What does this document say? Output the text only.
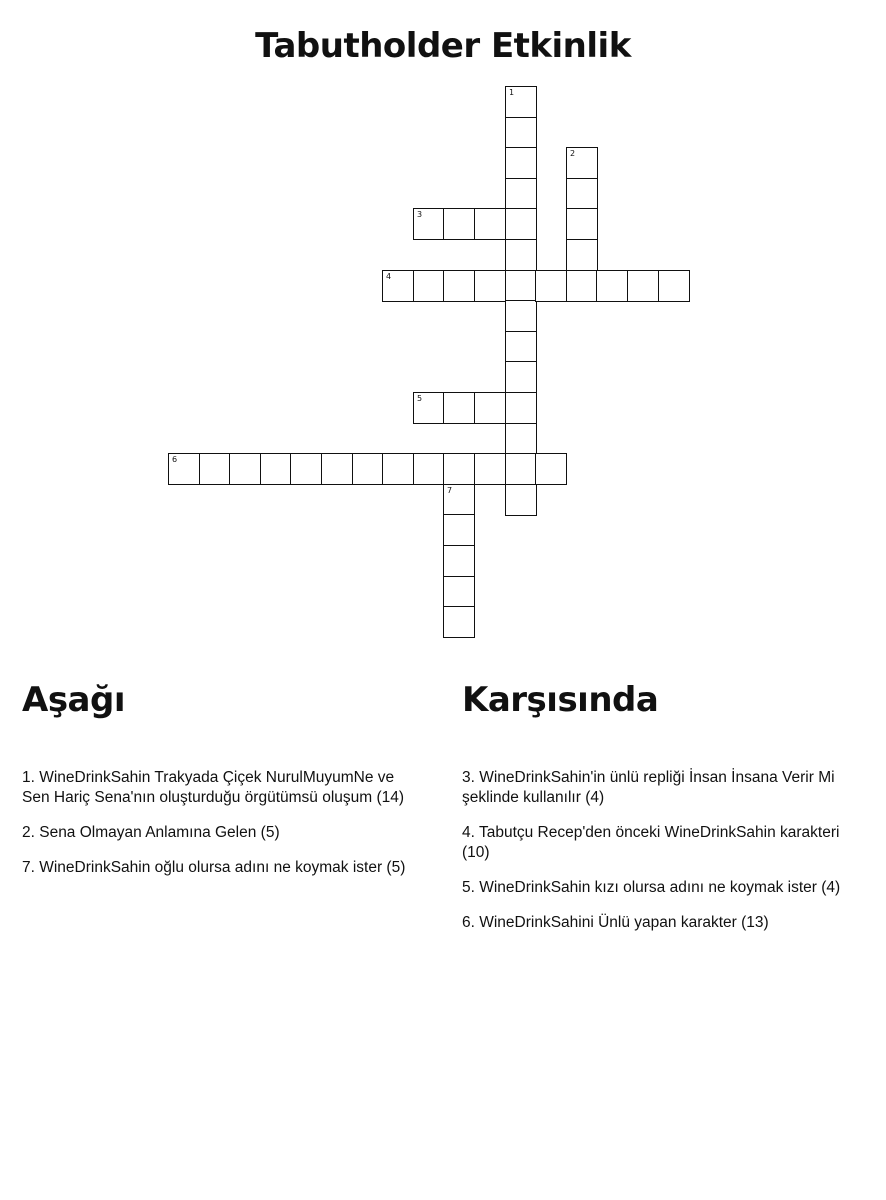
Tabutholder Etkinlik
1
2
3
4
5
6
7
Aşağı	Karşısında
1. WineDrinkSahin Trakyada Çiçek NurulMuyumNe ve Sen Hariç Sena'nın oluşturduğu örgütümsü oluşum (14)
2. Sena Olmayan Anlamına Gelen (5)
7. WineDrinkSahin oğlu olursa adını ne koymak ister (5)
3. WineDrinkSahin'in ünlü repliği İnsan İnsana Verir Mi şeklinde kullanılır (4)
4. Tabutçu Recep'den önceki WineDrinkSahin karakteri (10)
5. WineDrinkSahin kızı olursa adını ne koymak ister (4)
6. WineDrinkSahini Ünlü yapan karakter (13)
